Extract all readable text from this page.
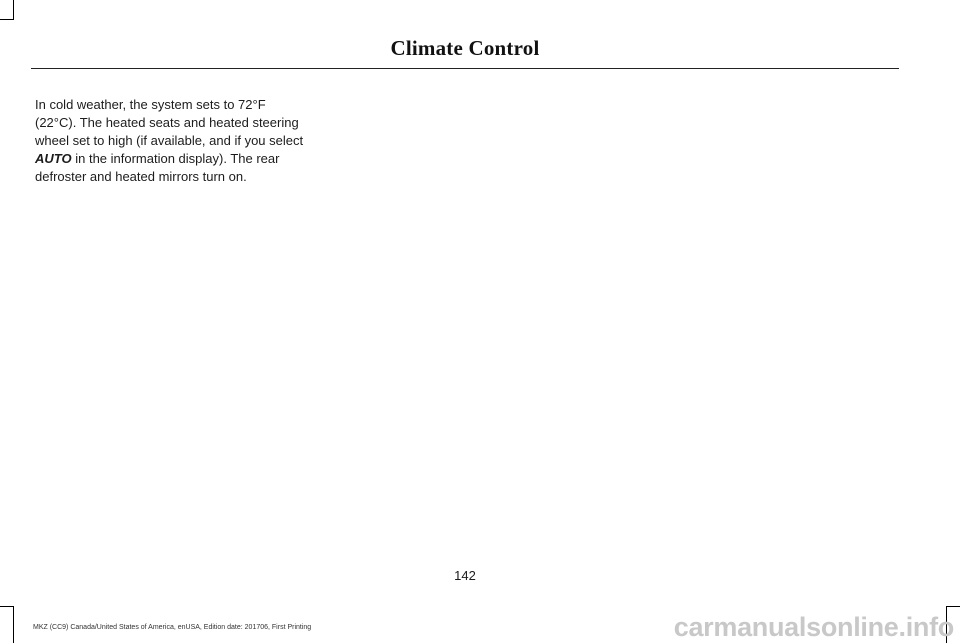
Climate Control

In cold weather, the system sets to 72°F (22°C). The heated seats and heated steering wheel set to high (if available, and if you select AUTO in the information display). The rear defroster and heated mirrors turn on.

142
MKZ (CC9) Canada/United States of America, enUSA, Edition date: 201706, First Printing	carmanualsonline.info
